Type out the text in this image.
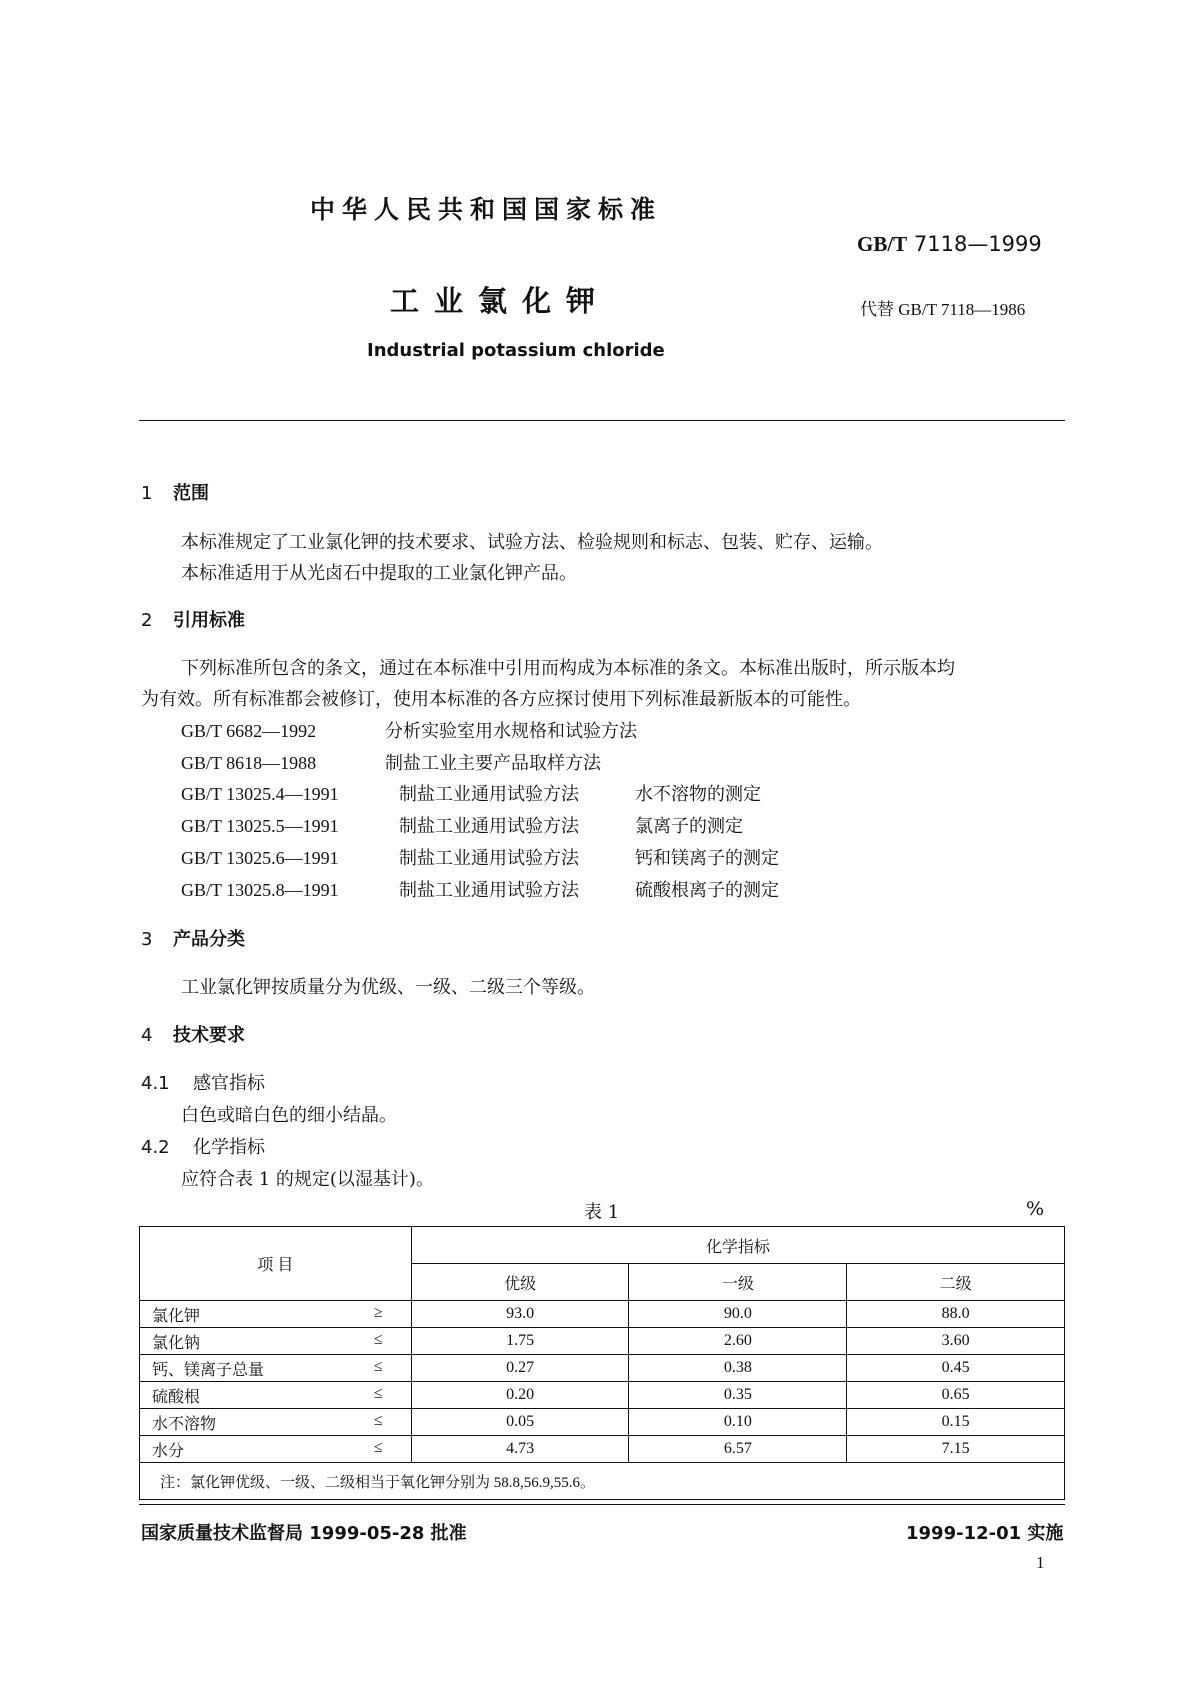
中华人民共和国国家标准
GB/T 7118—1999
工业氯化钾	代替 GB/T 7118—1986
Industrial potassium chloride
1 范围
本标准规定了工业氯化钾的技术要求、试验方法、检验规则和标志、包装、贮存、运输。
本标准适用于从光卤石中提取的工业氯化钾产品。
2 引用标准
下列标准所包含的条文，通过在本标准中引用而构成为本标准的条文。本标准出版时，所示版本均
为有效。所有标准都会被修订，使用本标准的各方应探讨使用下列标准最新版本的可能性。
GB/T 6682—1992	分析实验室用水规格和试验方法
GB/T 8618—1988	制盐工业主要产品取样方法
GB/T 13025.4—1991	制盐工业通用试验方法	水不溶物的测定
GB/T 13025.5—1991	制盐工业通用试验方法	氯离子的测定
GB/T 13025.6—1991	制盐工业通用试验方法	钙和镁离子的测定
GB/T 13025.8—1991	制盐工业通用试验方法	硫酸根离子的测定
3 产品分类
工业氯化钾按质量分为优级、一级、二级三个等级。
4 技术要求
4.1 感官指标
白色或暗白色的细小结晶。
4.2 化学指标
应符合表 1 的规定(以湿基计)。
表 1	%
项 目	化学指标		
	优级	一级	二级
氯化钾 ≥	93.0	90.0	88.0
氯化钠 ≤	1.75	2.60	3.60
钙、镁离子总量 ≤	0.27	0.38	0.45
硫酸根 ≤	0.20	0.35	0.65
水不溶物 ≤	0.05	0.10	0.15
水分 ≤	4.73	6.57	7.15
注：氯化钾优级、一级、二级相当于氧化钾分别为 58.8,56.9,55.6。			
国家质量技术监督局 1999-05-28 批准	1999-12-01 实施
1
